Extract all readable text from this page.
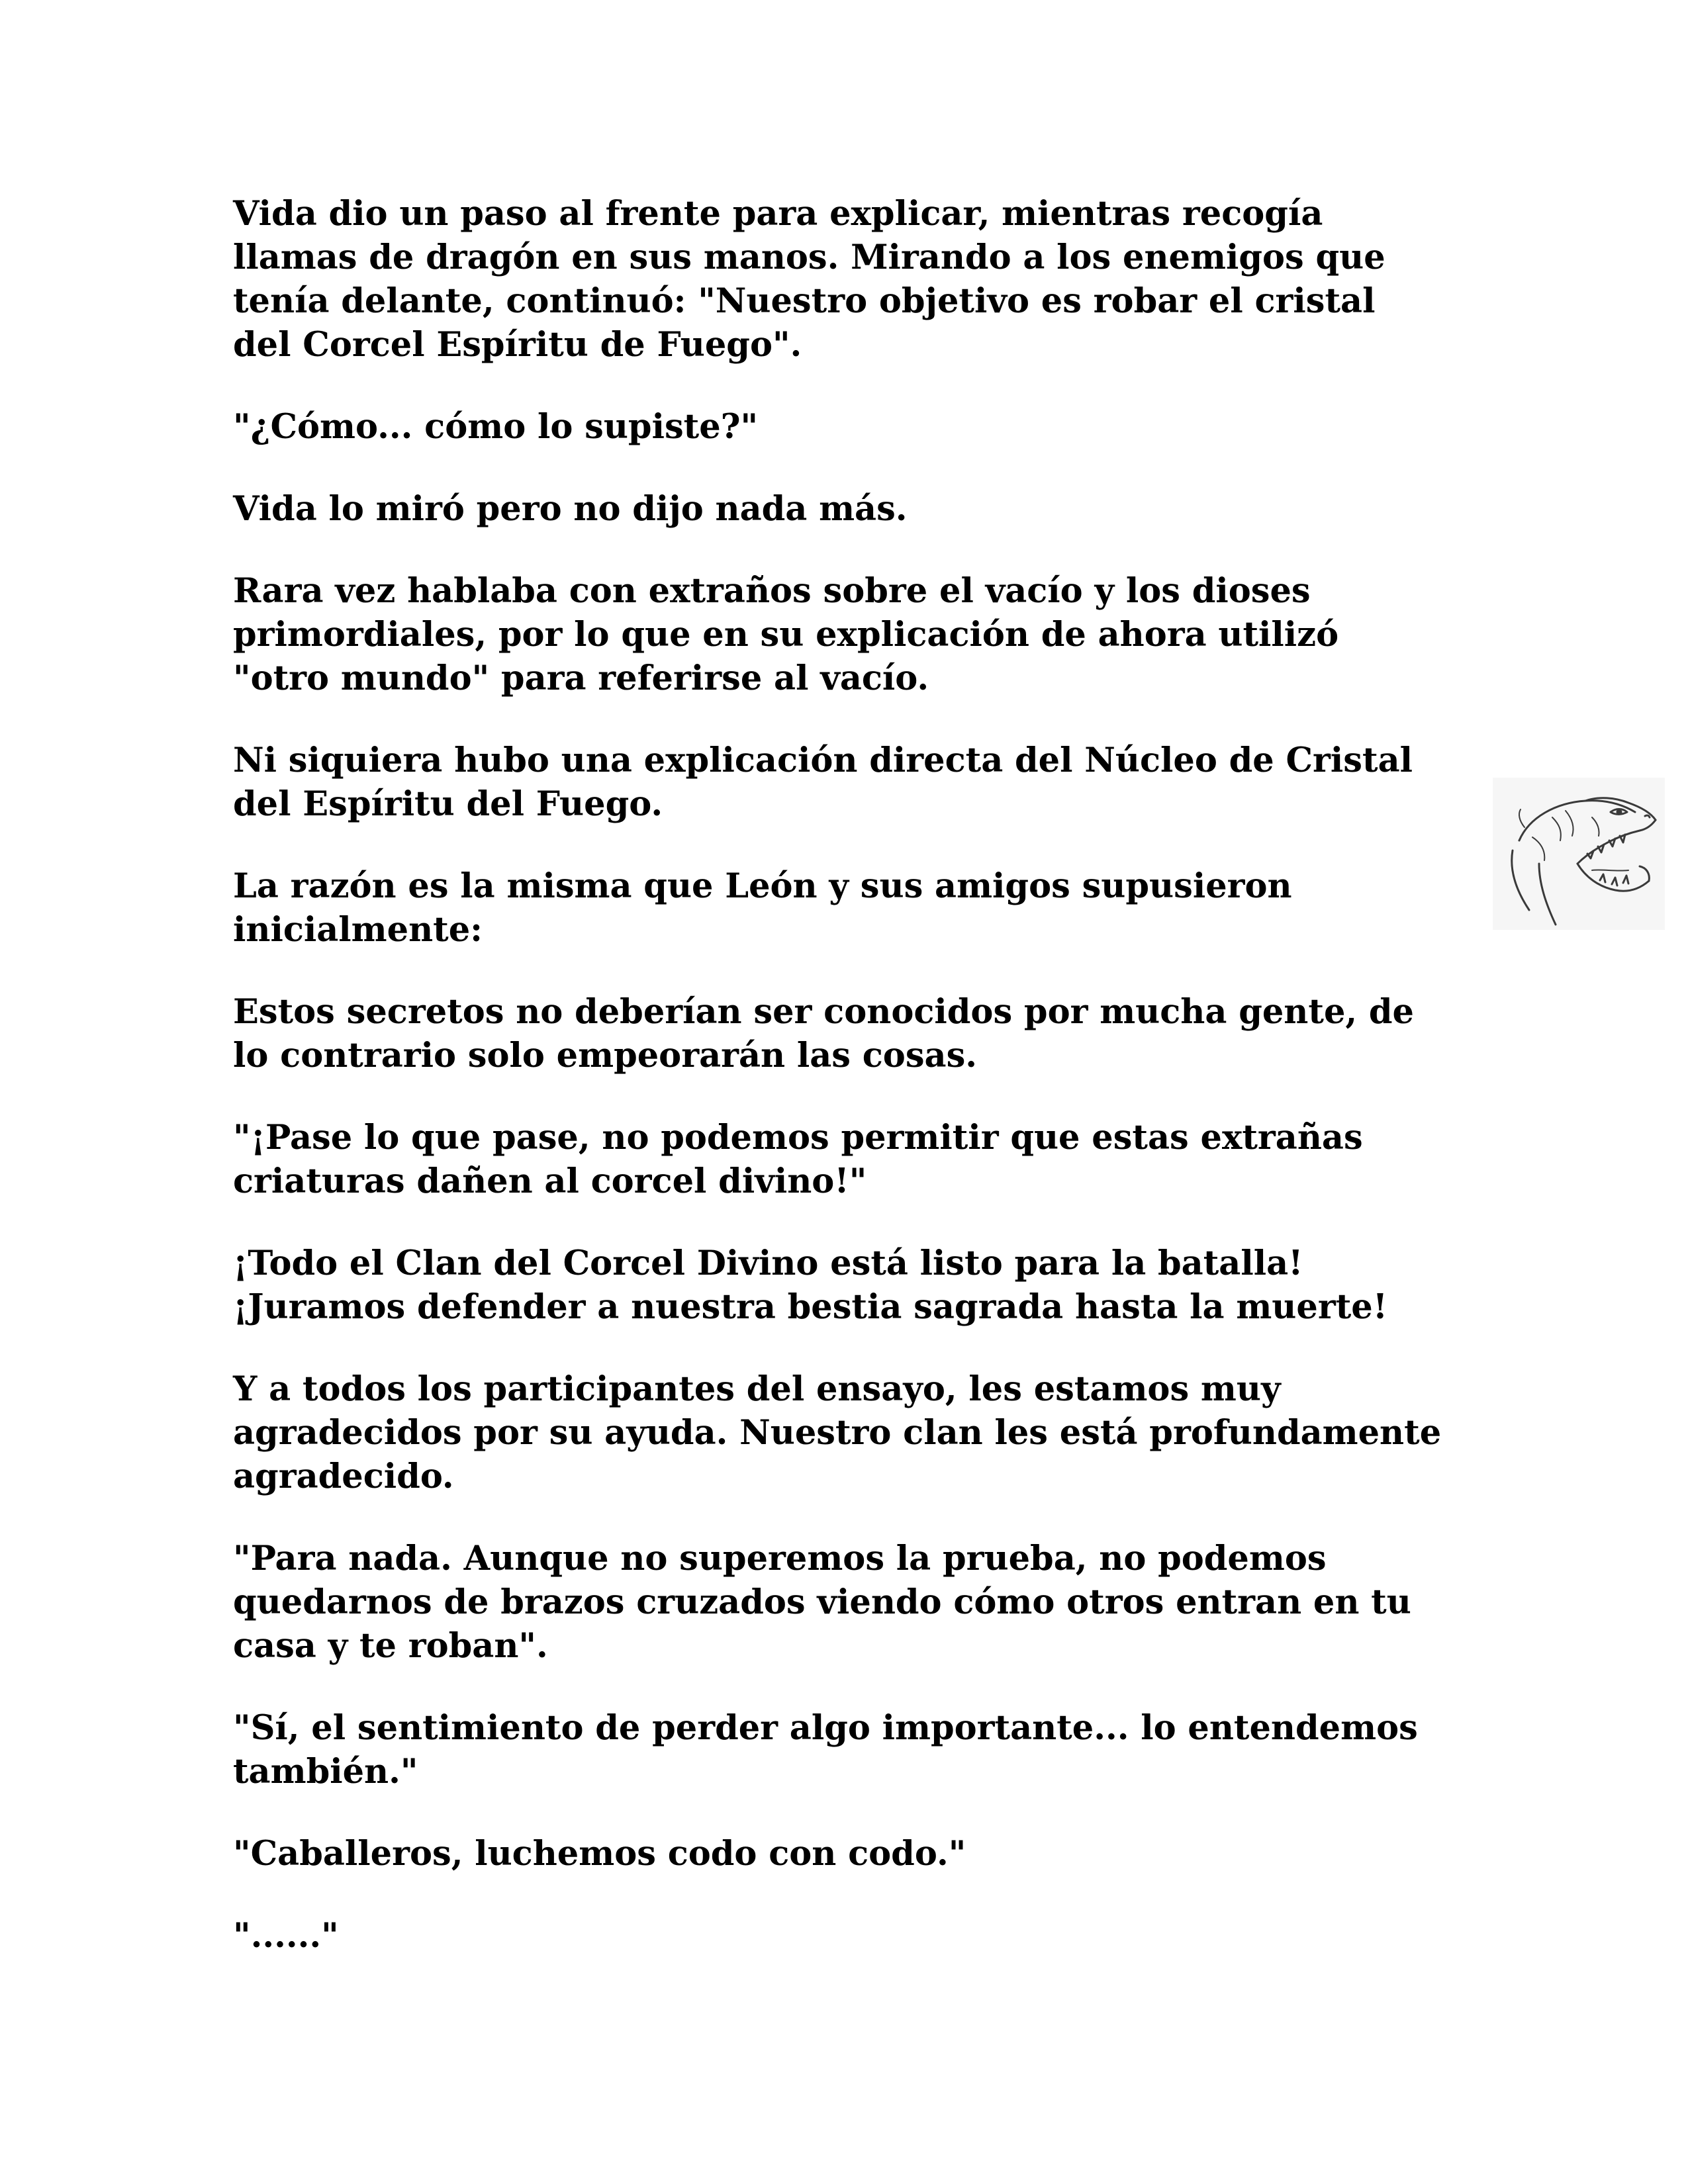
Vida dio un paso al frente para explicar, mientras recogía llamas de dragón en sus manos. Mirando a los enemigos que tenía delante, continuó: "Nuestro objetivo es robar el cristal del Corcel Espíritu de Fuego".

"¿Cómo... cómo lo supiste?"

Vida lo miró pero no dijo nada más.

Rara vez hablaba con extraños sobre el vacío y los dioses primordiales, por lo que en su explicación de ahora utilizó "otro mundo" para referirse al vacío.

Ni siquiera hubo una explicación directa del Núcleo de Cristal del Espíritu del Fuego.

La razón es la misma que León y sus amigos supusieron inicialmente:

Estos secretos no deberían ser conocidos por mucha gente, de lo contrario solo empeorarán las cosas.

"¡Pase lo que pase, no podemos permitir que estas extrañas criaturas dañen al corcel divino!"

¡Todo el Clan del Corcel Divino está listo para la batalla! ¡Juramos defender a nuestra bestia sagrada hasta la muerte!

Y a todos los participantes del ensayo, les estamos muy agradecidos por su ayuda. Nuestro clan les está profundamente agradecido.

"Para nada. Aunque no superemos la prueba, no podemos quedarnos de brazos cruzados viendo cómo otros entran en tu casa y te roban".

"Sí, el sentimiento de perder algo importante... lo entendemos también."

"Caballeros, luchemos codo con codo."

"......"
